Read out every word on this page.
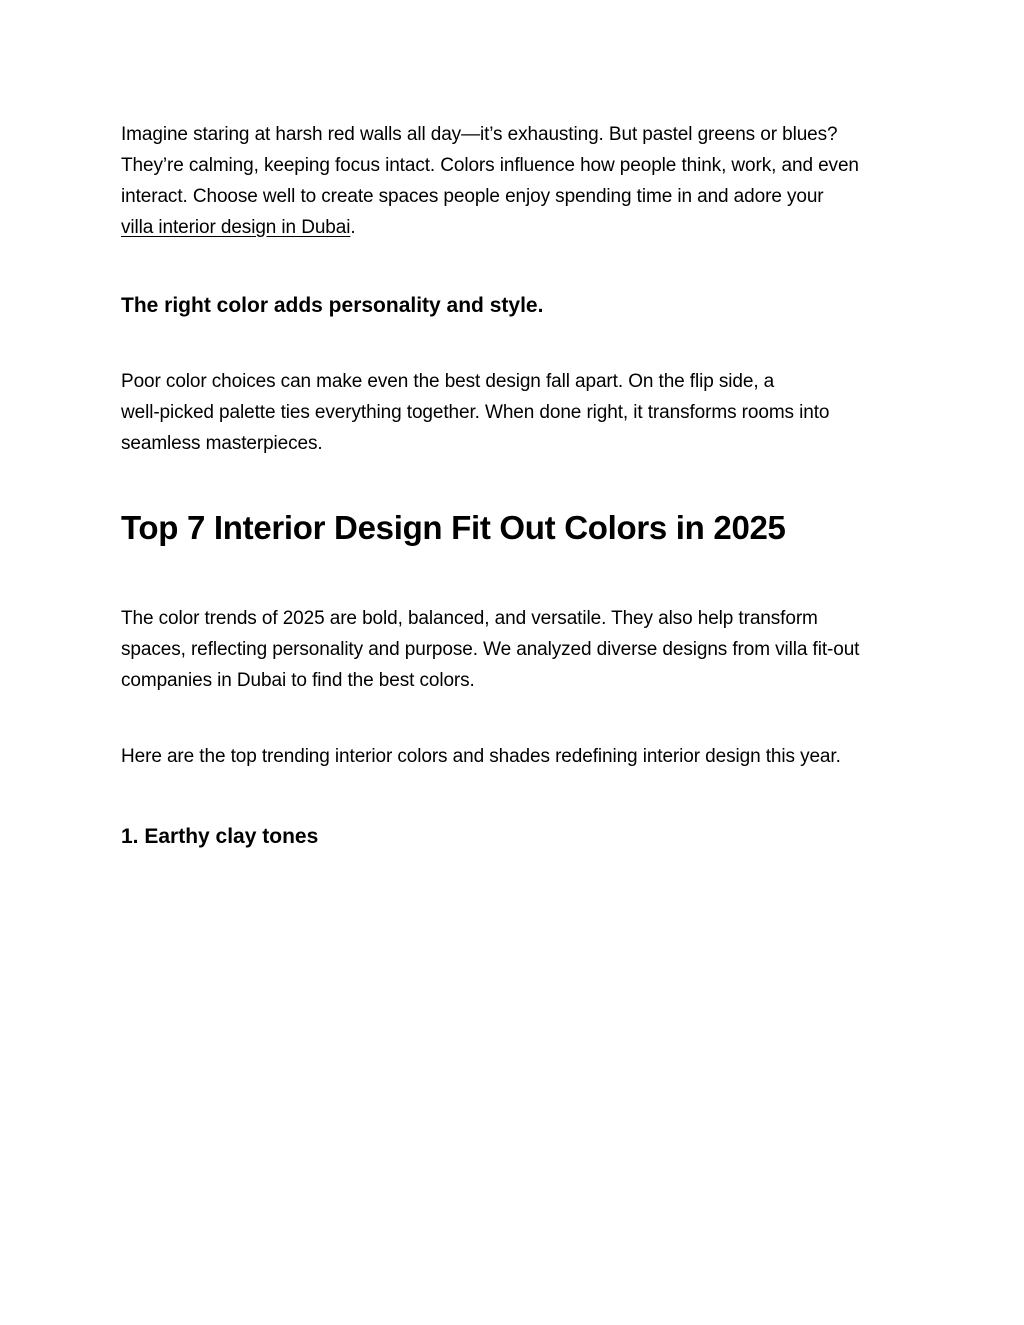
Imagine staring at harsh red walls all day—it’s exhausting. But pastel greens or blues?
They’re calming, keeping focus intact. Colors influence how people think, work, and even
interact. Choose well to create spaces people enjoy spending time in and adore your
villa interior design in Dubai.
The right color adds personality and style.
Poor color choices can make even the best design fall apart. On the flip side, a
well-picked palette ties everything together. When done right, it transforms rooms into
seamless masterpieces.
Top 7 Interior Design Fit Out Colors in 2025
The color trends of 2025 are bold, balanced, and versatile. They also help transform
spaces, reflecting personality and purpose. We analyzed diverse designs from villa fit-out
companies in Dubai to find the best colors.
Here are the top trending interior colors and shades redefining interior design this year.
1. Earthy clay tones
